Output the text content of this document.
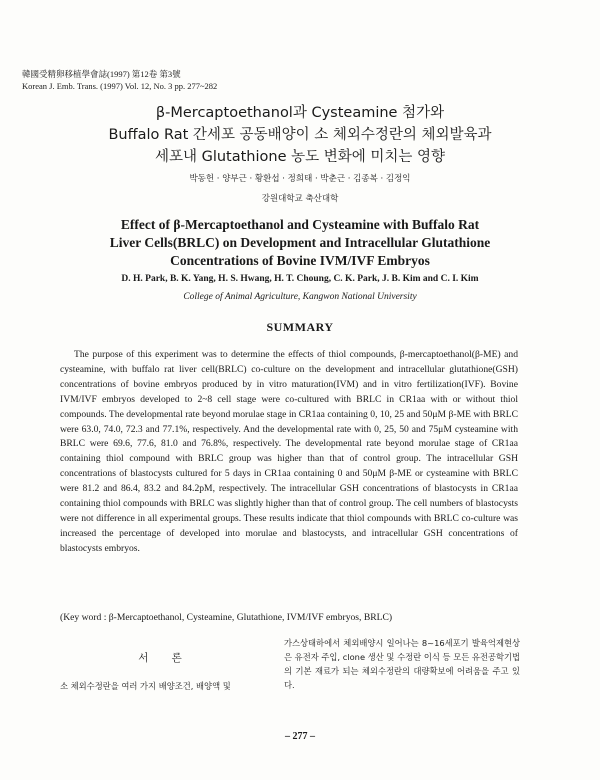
韓國受精卵移植學會誌(1997) 第12卷 第3號
Korean J. Emb. Trans. (1997) Vol. 12, No. 3 pp. 277~282
β-Mercaptoethanol과 Cysteamine 첨가와
Buffalo Rat 간세포 공동배양이 소 체외수정란의 체외발육과
세포내 Glutathione 농도 변화에 미치는 영향
박동헌 · 양부근 · 황환섭 · 정희태 · 박춘근 · 김종복 · 김정익
강원대학교 축산대학
Effect of β-Mercaptoethanol and Cysteamine with Buffalo Rat
Liver Cells(BRLC) on Development and Intracellular Glutathione
Concentrations of Bovine IVM/IVF Embryos
D. H. Park, B. K. Yang, H. S. Hwang, H. T. Choung, C. K. Park, J. B. Kim and C. I. Kim
College of Animal Agriculture, Kangwon National University
SUMMARY

The purpose of this experiment was to determine the effects of thiol compounds, β-mercaptoethanol(β-ME) and cysteamine, with buffalo rat liver cell(BRLC) co-culture on the development and intracellular glutathione(GSH) concentrations of bovine embryos produced by in vitro maturation(IVM) and in vitro fertilization(IVF). Bovine IVM/IVF embryos developed to 2~8 cell stage were co-cultured with BRLC in CR1aa with or without thiol compounds. The developmental rate beyond morulae stage in CR1aa containing 0, 10, 25 and 50μM β-ME with BRLC were 63.0, 74.0, 72.3 and 77.1%, respectively. And the developmental rate with 0, 25, 50 and 75μM cysteamine with BRLC were 69.6, 77.6, 81.0 and 76.8%, respectively. The developmental rate beyond morulae stage of CR1aa containing thiol compound with BRLC group was higher than that of control group. The intracellular GSH concentrations of blastocysts cultured for 5 days in CR1aa containing 0 and 50μM β-ME or cysteamine with BRLC were 81.2 and 86.4, 83.2 and 84.2pM, respectively. The intracellular GSH concentrations of blastocysts in CR1aa containing thiol compounds with BRLC was slightly higher than that of control group. The cell numbers of blastocysts were not difference in all experimental groups. These results indicate that thiol compounds with BRLC co-culture was increased the percentage of developed into morulae and blastocysts, and intracellular GSH concentrations of blastocysts embryos.

(Key word : β-Mercaptoethanol, Cysteamine, Glutathione, IVM/IVF embryos, BRLC)
서 론
소 체외수정란을 여러 가지 배양조건, 배양액 및
가스상태하에서 체외배양시 일어나는 8~16세포기 발육억제현상은 유전자 주입, clone 생산 및 수정란 이식 등 모든 유전공학기법의 기본 재료가 되는 체외수정란의 대량확보에 어려움을 주고 있다.
– 277 –
